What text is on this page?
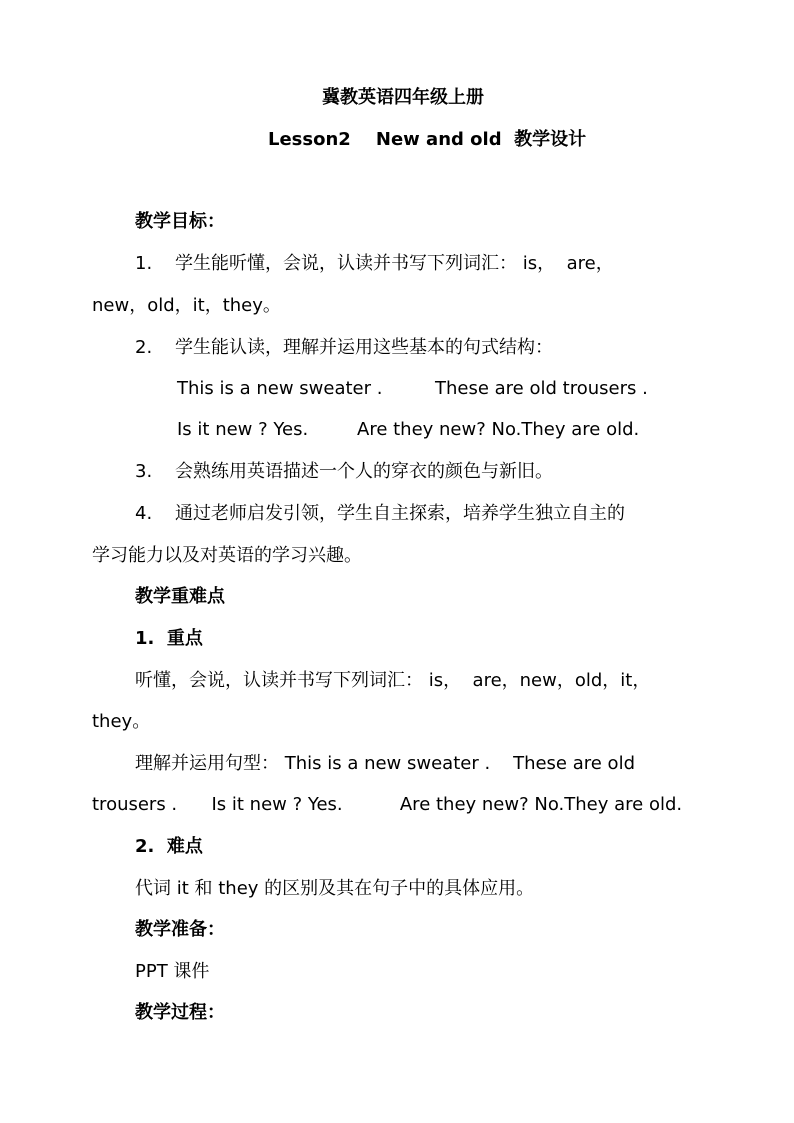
冀教英语四年级上册
Lesson2    New and old  教学设计
教学目标：
1.    学生能听懂，会说，认读并书写下列词汇： is，  are，
new，old，it，they。
2.    学生能认读，理解并运用这些基本的句式结构：
This is a new sweater .	These are old trousers .
Is it new ? Yes.	Are they new? No.They are old.
3.    会熟练用英语描述一个人的穿衣的颜色与新旧。
4.    通过老师启发引领，学生自主探索，培养学生独立自主的
学习能力以及对英语的学习兴趣。
教学重难点
1.  重点
听懂，会说，认读并书写下列词汇： is，  are，new，old，it，
they。
理解并运用句型： This is a new sweater .    These are old
trousers .      Is it new ? Yes.          Are they new? No.They are old.
2.  难点
代词 it 和 they 的区别及其在句子中的具体应用。
教学准备：
PPT 课件
教学过程：
